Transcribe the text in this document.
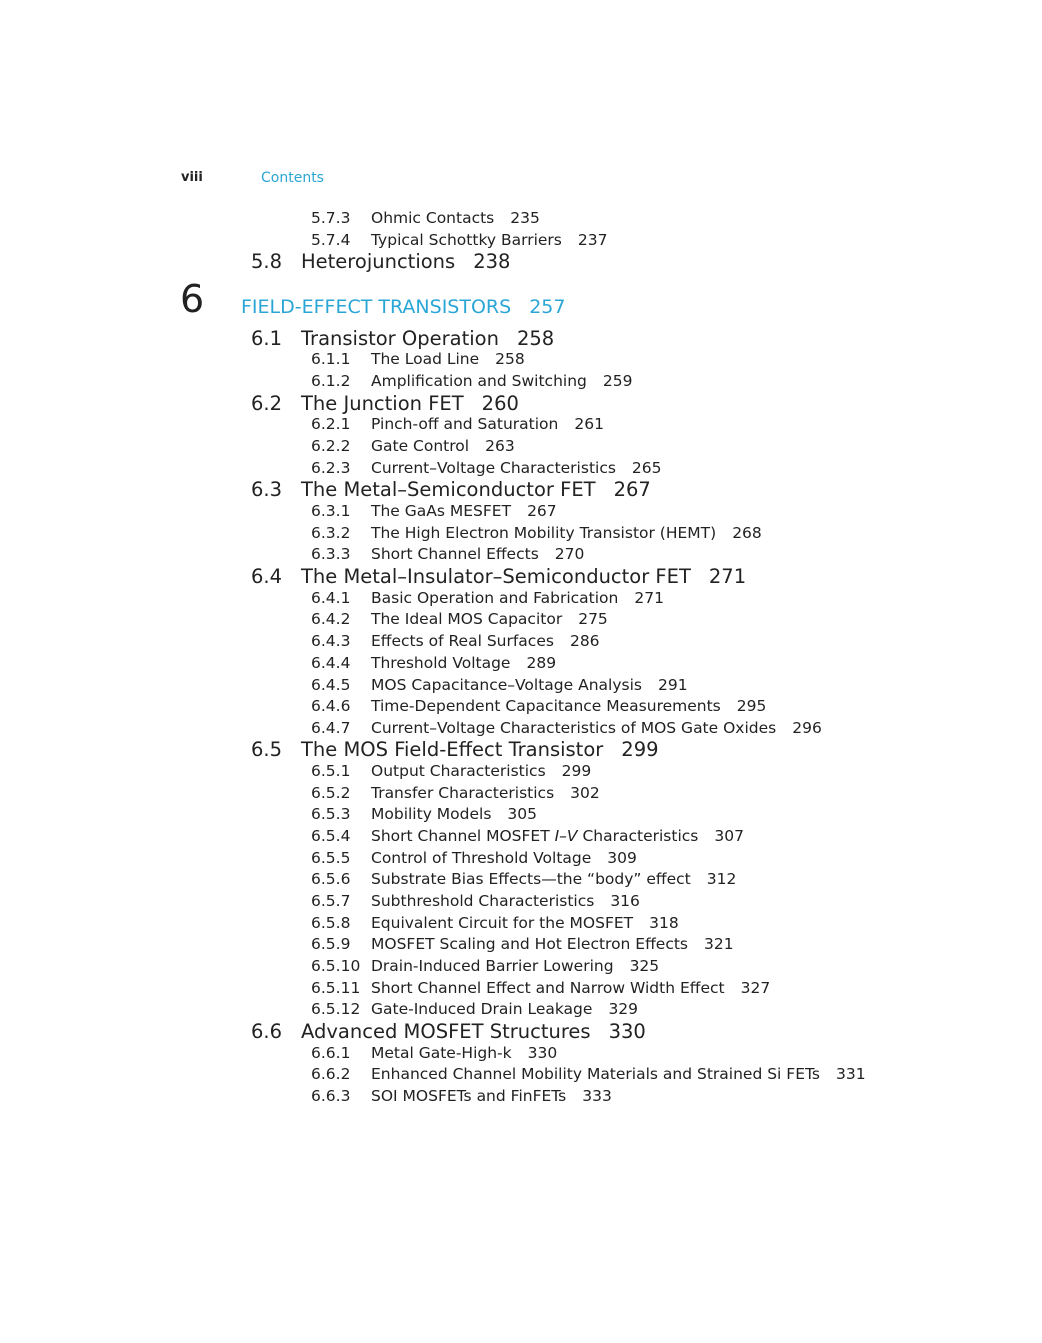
viii	Contents
6 FIELD-EFFECT TRANSISTORS 257
5.7.3 Ohmic Contacts 235
5.7.4 Typical Schottky Barriers 237
5.8 Heterojunctions 238
6.1 Transistor Operation 258
6.1.1 The Load Line 258
6.1.2 Amplification and Switching 259
6.2 The Junction FET 260
6.2.1 Pinch-off and Saturation 261
6.2.2 Gate Control 263
6.2.3 Current–Voltage Characteristics 265
6.3 The Metal–Semiconductor FET 267
6.3.1 The GaAs MESFET 267
6.3.2 The High Electron Mobility Transistor (HEMT) 268
6.3.3 Short Channel Effects 270
6.4 The Metal–Insulator–Semiconductor FET 271
6.4.1 Basic Operation and Fabrication 271
6.4.2 The Ideal MOS Capacitor 275
6.4.3 Effects of Real Surfaces 286
6.4.4 Threshold Voltage 289
6.4.5 MOS Capacitance–Voltage Analysis 291
6.4.6 Time-Dependent Capacitance Measurements 295
6.4.7 Current–Voltage Characteristics of MOS Gate Oxides 296
6.5 The MOS Field-Effect Transistor 299
6.5.1 Output Characteristics 299
6.5.2 Transfer Characteristics 302
6.5.3 Mobility Models 305
6.5.4 Short Channel MOSFET I–V Characteristics 307
6.5.5 Control of Threshold Voltage 309
6.5.6 Substrate Bias Effects—the “body” effect 312
6.5.7 Subthreshold Characteristics 316
6.5.8 Equivalent Circuit for the MOSFET 318
6.5.9 MOSFET Scaling and Hot Electron Effects 321
6.5.10 Drain-Induced Barrier Lowering 325
6.5.11 Short Channel Effect and Narrow Width Effect 327
6.5.12 Gate-Induced Drain Leakage 329
6.6 Advanced MOSFET Structures 330
6.6.1 Metal Gate-High-k 330
6.6.2 Enhanced Channel Mobility Materials and Strained Si FETs 331
6.6.3 SOI MOSFETs and FinFETs 333
